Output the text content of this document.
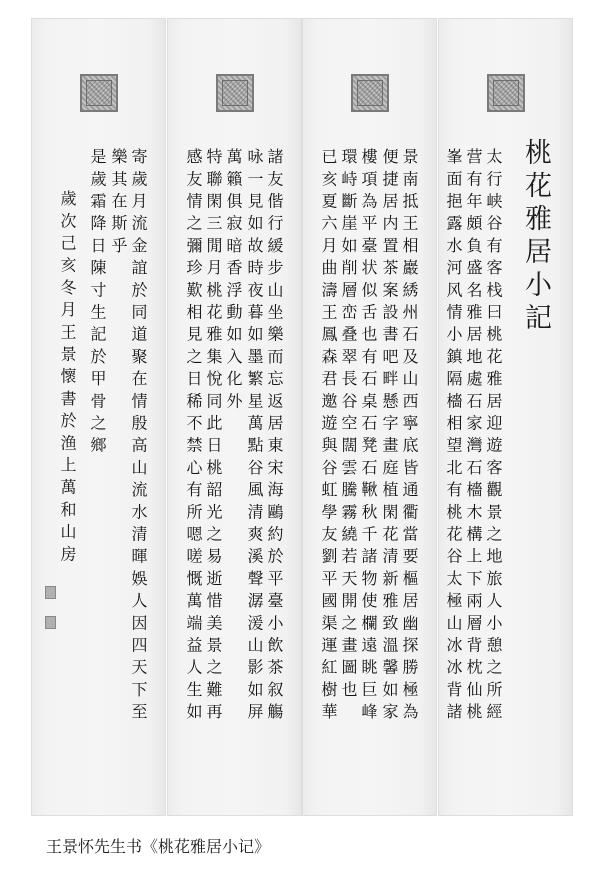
桃花雅居小記
太行峡谷有客栈曰桃花雅居迎遊客觀景之地旅人小憩之所經
营有年頗負盛名雅居地處石家灣石檣木構上下兩層背枕仙桃
峯面挹露水河风情小鎮隔檣相望北有桃花谷太極山冰冰背諸
景南抵王相巖綉州石及山西寧底皆通衢當要樞居幽探勝極為
便捷居内置茶案設書吧畔懸字畫庭植閑花清新雅致溫馨如家
樓項為平臺状似舌也有石桌石凳石鞦秋千諸物使欄遠眺巨峰
環峙斷崖如削層峦叠翠長谷空闊雲騰霧繞若天開之畫圖也
已亥夏六月曲濤王鳳森君邀遊與谷虹學友劉平國渠運紅樹華
諸友偕行緩步山坐樂而忘返居東宋海鷗約於平臺小飲茶叙觴
咏一見如故時夜暮如墨繁星萬點谷風清爽溪聲潺湲山影如屏
萬籟俱寂暗香浮動如入化外
特聯閑三閒月桃花雅集悅同此日桃韶光之易逝惜美景之難再
感友情之彌珍歎相見之日稀不禁心有所嗯嗟慨萬端益人生如
寄歲月流金誼於同道聚在情殷高山流水清暉娛人因四天下至
樂其在斯乎
是歲霜降日陳寸生記於甲骨之鄉
歲次己亥冬月王景懷書於渔上萬和山房
王景怀先生书《桃花雅居小记》
